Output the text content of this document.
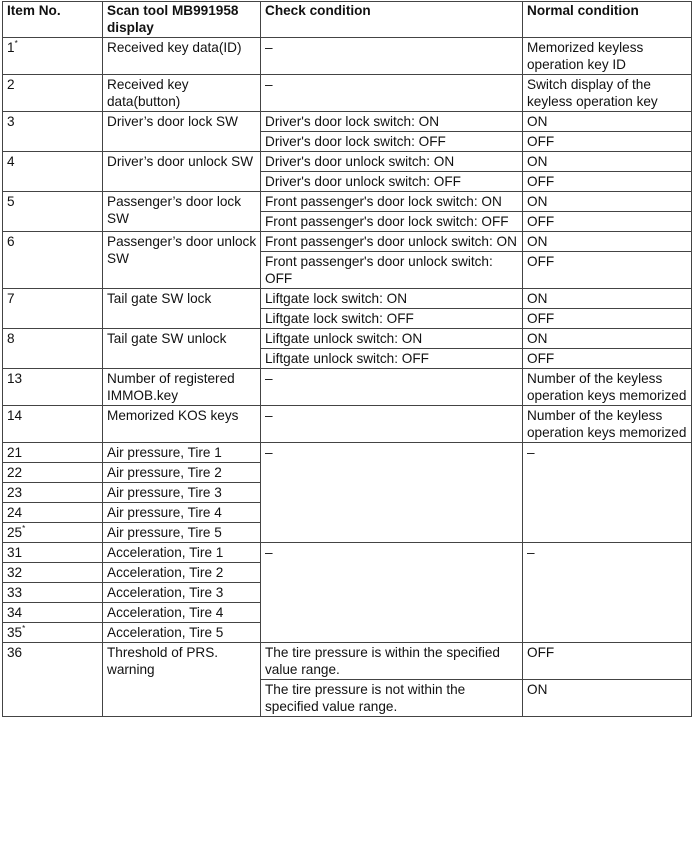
Item No.	Scan tool MB991958 display	Check condition	Normal condition
1*	Received key data(ID)	–	Memorized keyless operation key ID
2	Received key data(button)	–	Switch display of the keyless operation key
3	Driver’s door lock SW	Driver's door lock switch: ON	ON
		Driver's door lock switch: OFF	OFF
4	Driver’s door unlock SW	Driver's door unlock switch: ON	ON
		Driver's door unlock switch: OFF	OFF
5	Passenger’s door lock SW	Front passenger's door lock switch: ON	ON
		Front passenger's door lock switch: OFF	OFF
6	Passenger’s door unlock SW	Front passenger's door unlock switch: ON	ON
		Front passenger's door unlock switch: OFF	OFF
7	Tail gate SW lock	Liftgate lock switch: ON	ON
		Liftgate lock switch: OFF	OFF
8	Tail gate SW unlock	Liftgate unlock switch: ON	ON
		Liftgate unlock switch: OFF	OFF
13	Number of registered IMMOB.key	–	Number of the keyless operation keys memorized
14	Memorized KOS keys	–	Number of the keyless operation keys memorized
21	Air pressure, Tire 1	–	–
22	Air pressure, Tire 2		
23	Air pressure, Tire 3		
24	Air pressure, Tire 4		
25*	Air pressure, Tire 5		
31	Acceleration, Tire 1	–	–
32	Acceleration, Tire 2		
33	Acceleration, Tire 3		
34	Acceleration, Tire 4		
35*	Acceleration, Tire 5		
36	Threshold of PRS. warning	The tire pressure is within the specified value range.	OFF
		The tire pressure is not within the specified value range.	ON
